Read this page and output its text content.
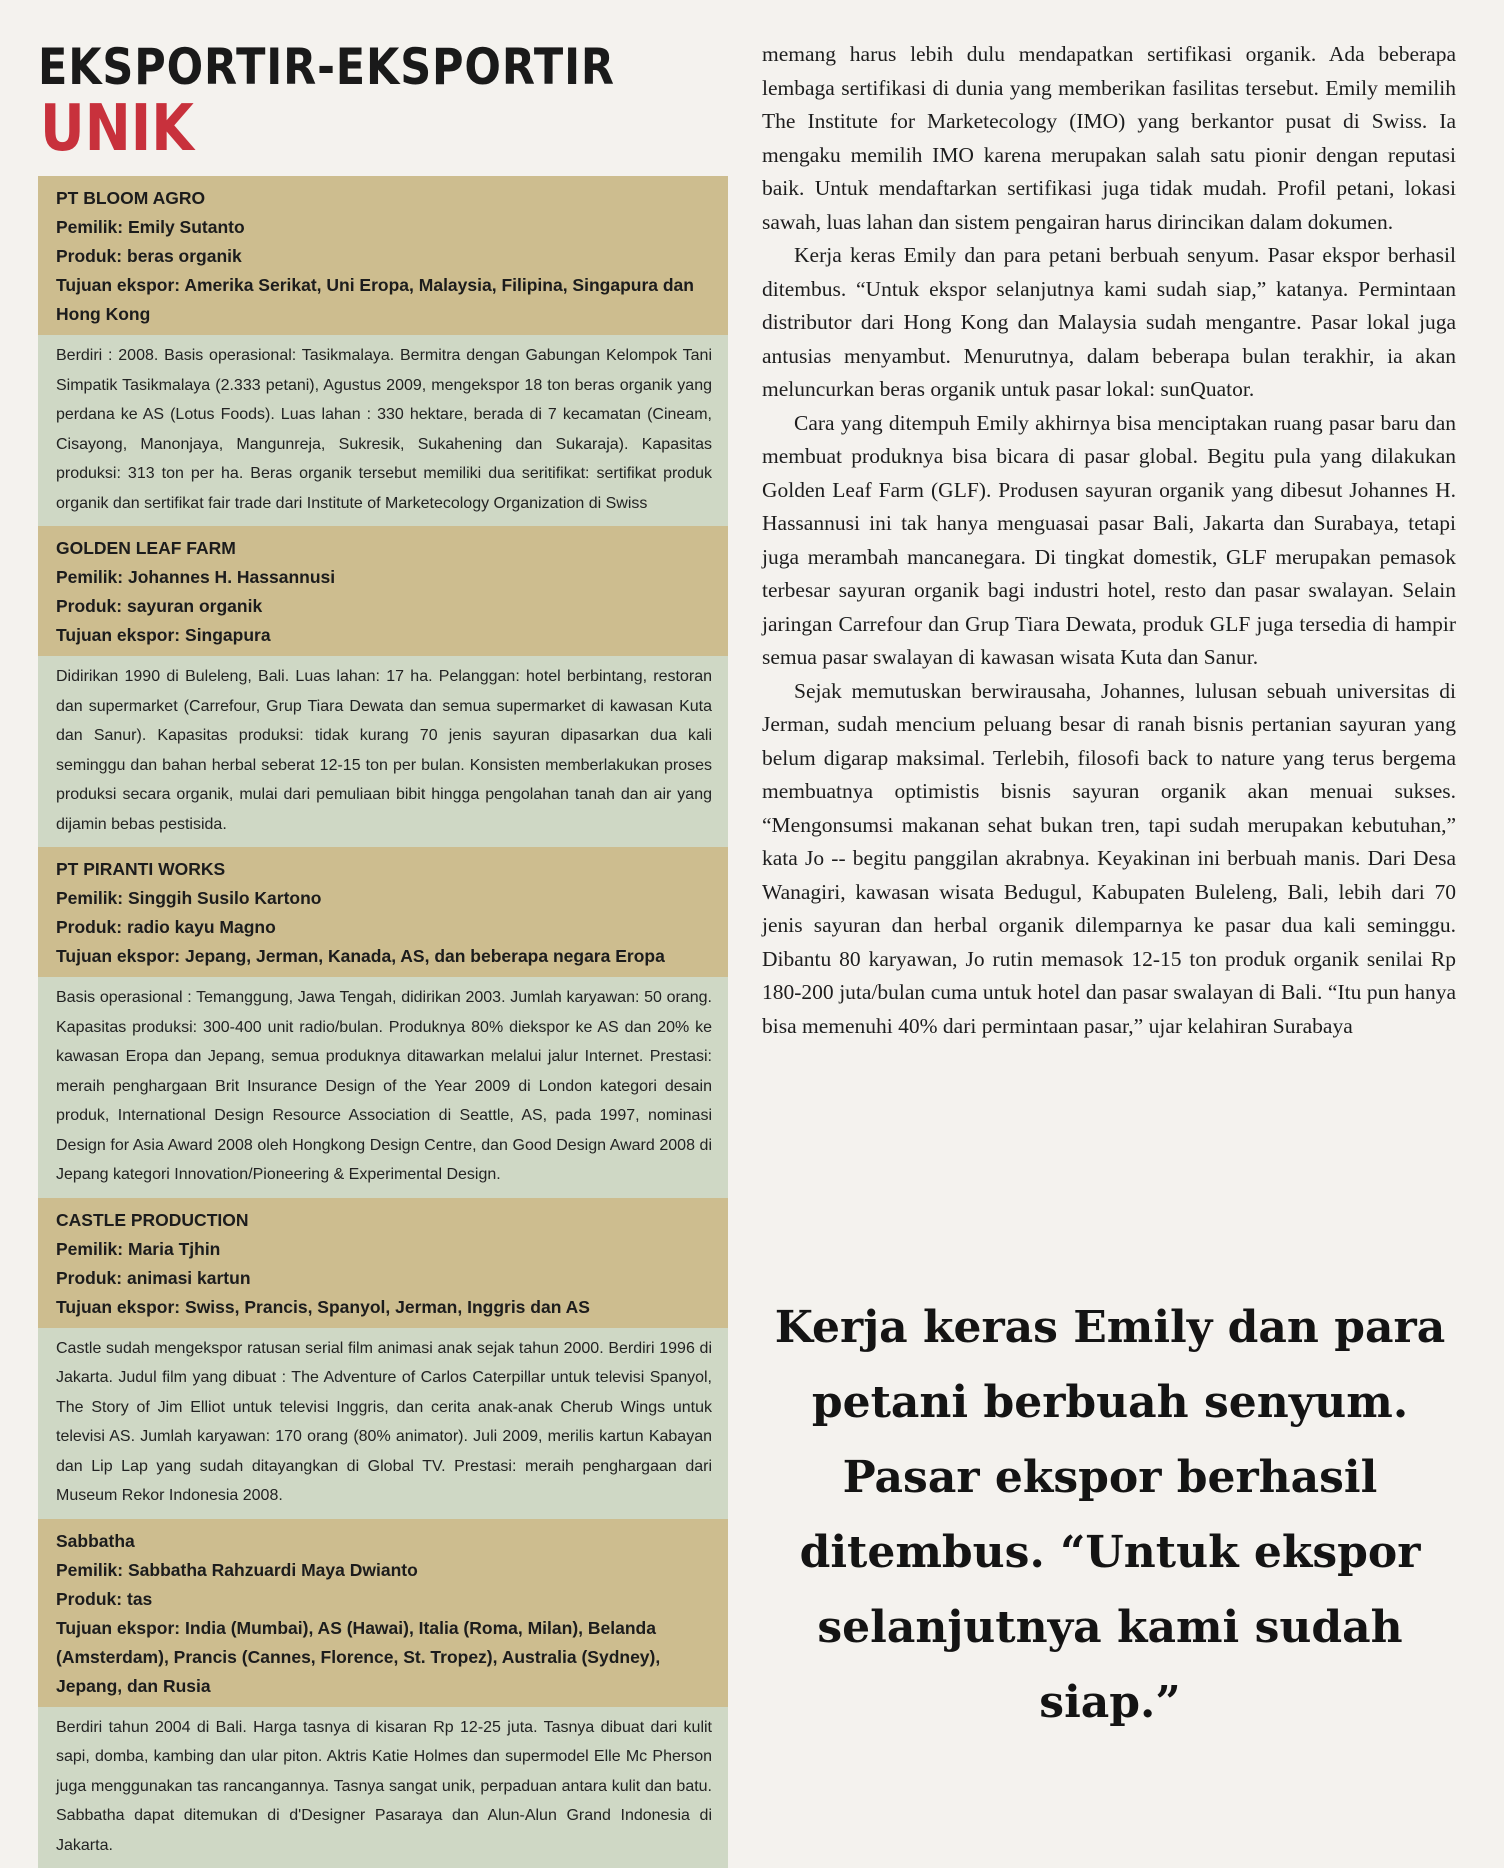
EKSPORTIR-EKSPORTIR
UNIK
PT BLOOM AGRO
Pemilik: Emily Sutanto
Produk: beras organik
Tujuan ekspor: Amerika Serikat, Uni Eropa, Malaysia, Filipina, Singapura dan Hong Kong
Berdiri : 2008. Basis operasional: Tasikmalaya. Bermitra dengan Gabungan Kelompok Tani Simpatik Tasikmalaya (2.333 petani), Agustus 2009, mengekspor 18 ton beras organik yang perdana ke AS (Lotus Foods). Luas lahan : 330 hektare, berada di 7 kecamatan (Cineam, Cisayong, Manonjaya, Mangunreja, Sukresik, Sukahening dan Sukaraja). Kapasitas produksi: 313 ton per ha. Beras organik tersebut memiliki dua seritifikat: sertifikat produk organik dan sertifikat fair trade dari Institute of Marketecology Organization di Swiss
GOLDEN LEAF FARM
Pemilik: Johannes H. Hassannusi
Produk: sayuran organik
Tujuan ekspor: Singapura
Didirikan 1990 di Buleleng, Bali. Luas lahan: 17 ha. Pelanggan: hotel berbintang, restoran dan supermarket (Carrefour, Grup Tiara Dewata dan semua supermarket di kawasan Kuta dan Sanur). Kapasitas produksi: tidak kurang 70 jenis sayuran dipasarkan dua kali seminggu dan bahan herbal seberat 12-15 ton per bulan. Konsisten memberlakukan proses produksi secara organik, mulai dari pemuliaan bibit hingga pengolahan tanah dan air yang dijamin bebas pestisida.
PT PIRANTI WORKS
Pemilik: Singgih Susilo Kartono
Produk: radio kayu Magno
Tujuan ekspor: Jepang, Jerman, Kanada, AS, dan beberapa negara Eropa
Basis operasional : Temanggung, Jawa Tengah, didirikan 2003. Jumlah karyawan: 50 orang. Kapasitas produksi: 300-400 unit radio/bulan. Produknya 80% diekspor ke AS dan 20% ke kawasan Eropa dan Jepang, semua produknya ditawarkan melalui jalur Internet. Prestasi: meraih penghargaan Brit Insurance Design of the Year 2009 di London kategori desain produk, International Design Resource Association di Seattle, AS, pada 1997, nominasi Design for Asia Award 2008 oleh Hongkong Design Centre, dan Good Design Award 2008 di Jepang kategori Innovation/Pioneering & Experimental Design.
CASTLE PRODUCTION
Pemilik: Maria Tjhin
Produk: animasi kartun
Tujuan ekspor: Swiss, Prancis, Spanyol, Jerman, Inggris dan AS
Castle sudah mengekspor ratusan serial film animasi anak sejak tahun 2000. Berdiri 1996 di Jakarta. Judul film yang dibuat : The Adventure of Carlos Caterpillar untuk televisi Spanyol, The Story of Jim Elliot untuk televisi Inggris, dan cerita anak-anak Cherub Wings untuk televisi AS. Jumlah karyawan: 170 orang (80% animator). Juli 2009, merilis kartun Kabayan dan Lip Lap yang sudah ditayangkan di Global TV. Prestasi: meraih penghargaan dari Museum Rekor Indonesia 2008.
Sabbatha
Pemilik: Sabbatha Rahzuardi Maya Dwianto
Produk: tas
Tujuan ekspor: India (Mumbai), AS (Hawai), Italia (Roma, Milan), Belanda (Amsterdam), Prancis (Cannes, Florence, St. Tropez), Australia (Sydney), Jepang, dan Rusia
Berdiri tahun 2004 di Bali. Harga tasnya di kisaran Rp 12-25 juta. Tasnya dibuat dari kulit sapi, domba, kambing dan ular piton. Aktris Katie Holmes dan supermodel Elle Mc Pherson juga menggunakan tas rancangannya. Tasnya sangat unik, perpaduan antara kulit dan batu. Sabbatha dapat ditemukan di d'Designer Pasaraya dan Alun-Alun Grand Indonesia di Jakarta.

memang harus lebih dulu mendapatkan sertifikasi organik. Ada beberapa lembaga sertifikasi di dunia yang memberikan fasilitas tersebut. Emily memilih The Institute for Marketecology (IMO) yang berkantor pusat di Swiss. Ia mengaku memilih IMO karena merupakan salah satu pionir dengan reputasi baik. Untuk mendaftarkan sertifikasi juga tidak mudah. Profil petani, lokasi sawah, luas lahan dan sistem pengairan harus dirincikan dalam dokumen.

Kerja keras Emily dan para petani berbuah senyum. Pasar ekspor berhasil ditembus. “Untuk ekspor selanjutnya kami sudah siap,” katanya. Permintaan distributor dari Hong Kong dan Malaysia sudah mengantre. Pasar lokal juga antusias menyambut. Menurutnya, dalam beberapa bulan terakhir, ia akan meluncurkan beras organik untuk pasar lokal: sunQuator.

Cara yang ditempuh Emily akhirnya bisa menciptakan ruang pasar baru dan membuat produknya bisa bicara di pasar global. Begitu pula yang dilakukan Golden Leaf Farm (GLF). Produsen sayuran organik yang dibesut Johannes H. Hassannusi ini tak hanya menguasai pasar Bali, Jakarta dan Surabaya, tetapi juga merambah mancanegara. Di tingkat domestik, GLF merupakan pemasok terbesar sayuran organik bagi industri hotel, resto dan pasar swalayan. Selain jaringan Carrefour dan Grup Tiara Dewata, produk GLF juga tersedia di hampir semua pasar swalayan di kawasan wisata Kuta dan Sanur.

Sejak memutuskan berwirausaha, Johannes, lulusan sebuah universitas di Jerman, sudah mencium peluang besar di ranah bisnis pertanian sayuran yang belum digarap maksimal. Terlebih, filosofi back to nature yang terus bergema membuatnya optimistis bisnis sayuran organik akan menuai sukses. “Mengonsumsi makanan sehat bukan tren, tapi sudah merupakan kebutuhan,” kata Jo -- begitu panggilan akrabnya. Keyakinan ini berbuah manis. Dari Desa Wanagiri, kawasan wisata Bedugul, Kabupaten Buleleng, Bali, lebih dari 70 jenis sayuran dan herbal organik dilemparnya ke pasar dua kali seminggu. Dibantu 80 karyawan, Jo rutin memasok 12-15 ton produk organik senilai Rp 180-200 juta/bulan cuma untuk hotel dan pasar swalayan di Bali. “Itu pun hanya bisa memenuhi 40% dari permintaan pasar,” ujar kelahiran Surabaya

Kerja keras Emily dan para petani berbuah senyum. Pasar ekspor berhasil ditembus. “Untuk ekspor selanjutnya kami sudah siap.”
